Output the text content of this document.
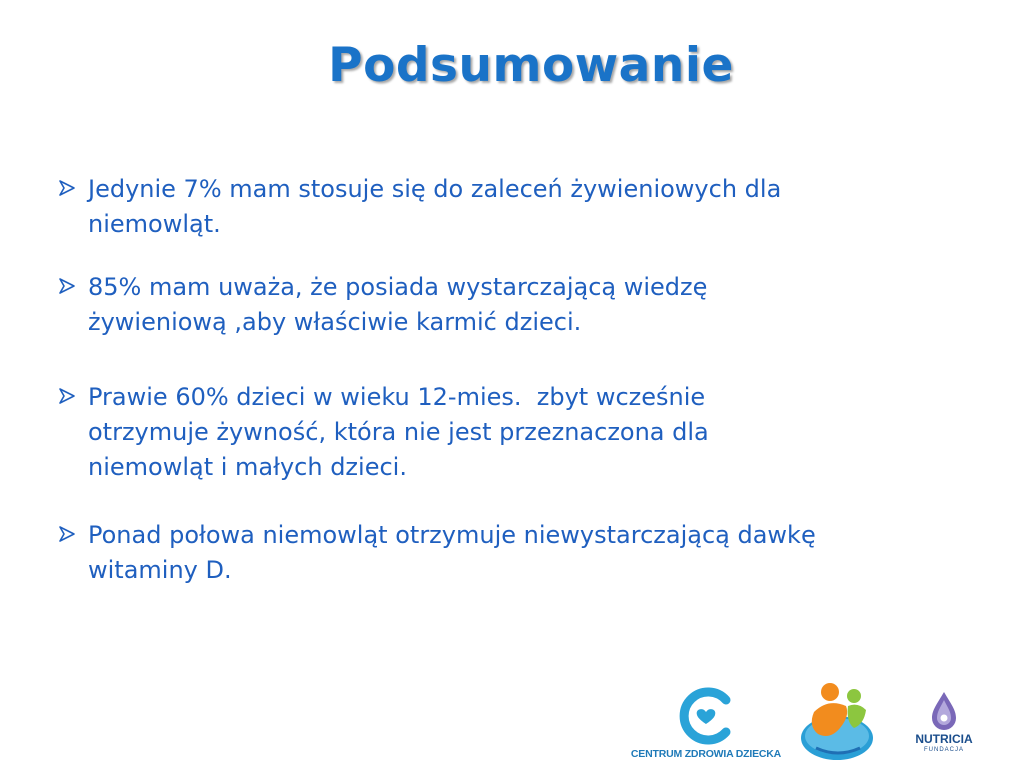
Podsumowanie
Jedynie 7% mam stosuje się do zaleceń żywieniowych dla
niemowląt.
85% mam uważa, że posiada wystarczającą wiedzę
żywieniową ,aby właściwie karmić dzieci.
Prawie 60% dzieci w wieku 12-mies.  zbyt wcześnie
otrzymuje żywność, która nie jest przeznaczona dla
niemowląt i małych dzieci.
Ponad połowa niemowląt otrzymuje niewystarczającą dawkę
witaminy D.
CENTRUM ZDROWIA DZIECKA
NUTRICIA
FUNDACJA
